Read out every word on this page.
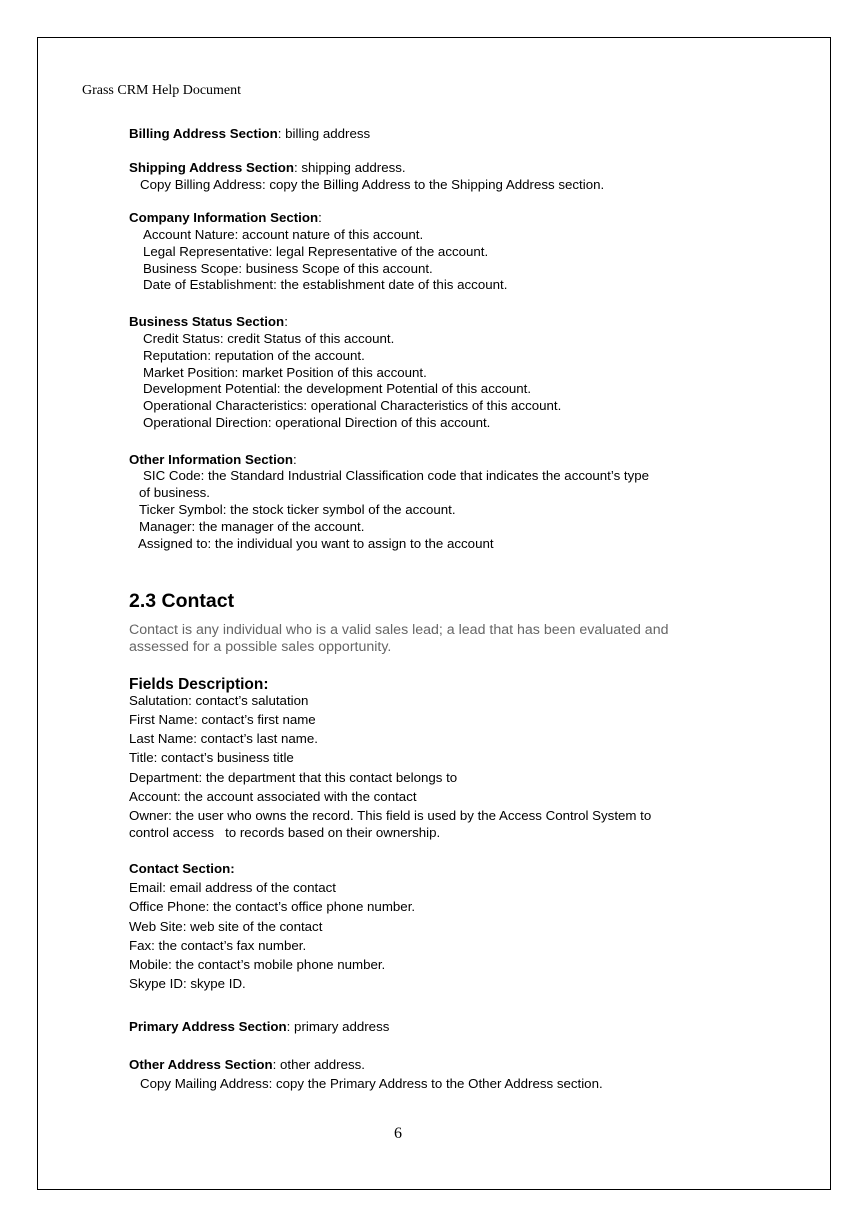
Grass CRM Help Document
Billing Address Section: billing address
Shipping Address Section: shipping address.
Copy Billing Address: copy the Billing Address to the Shipping Address section.
Company Information Section:
Account Nature: account nature of this account.
Legal Representative: legal Representative of the account.
Business Scope: business Scope of this account.
Date of Establishment: the establishment date of this account.
Business Status Section:
Credit Status: credit Status of this account.
Reputation: reputation of the account.
Market Position: market Position of this account.
Development Potential: the development Potential of this account.
Operational Characteristics: operational Characteristics of this account.
Operational Direction: operational Direction of this account.
Other Information Section:
SIC Code: the Standard Industrial Classification code that indicates the account’s type
of business.
Ticker Symbol: the stock ticker symbol of the account.
Manager: the manager of the account.
Assigned to: the individual you want to assign to the account
2.3 Contact
Contact is any individual who is a valid sales lead; a lead that has been evaluated and
assessed for a possible sales opportunity.
Fields Description:
Salutation: contact’s salutation
First Name: contact’s first name
Last Name: contact’s last name.
Title: contact’s business title
Department: the department that this contact belongs to
Account: the account associated with the contact
Owner: the user who owns the record. This field is used by the Access Control System to
control access   to records based on their ownership.
Contact Section:
Email: email address of the contact
Office Phone: the contact’s office phone number.
Web Site: web site of the contact
Fax: the contact’s fax number.
Mobile: the contact’s mobile phone number.
Skype ID: skype ID.
Primary Address Section: primary address
Other Address Section: other address.
Copy Mailing Address: copy the Primary Address to the Other Address section.
6
